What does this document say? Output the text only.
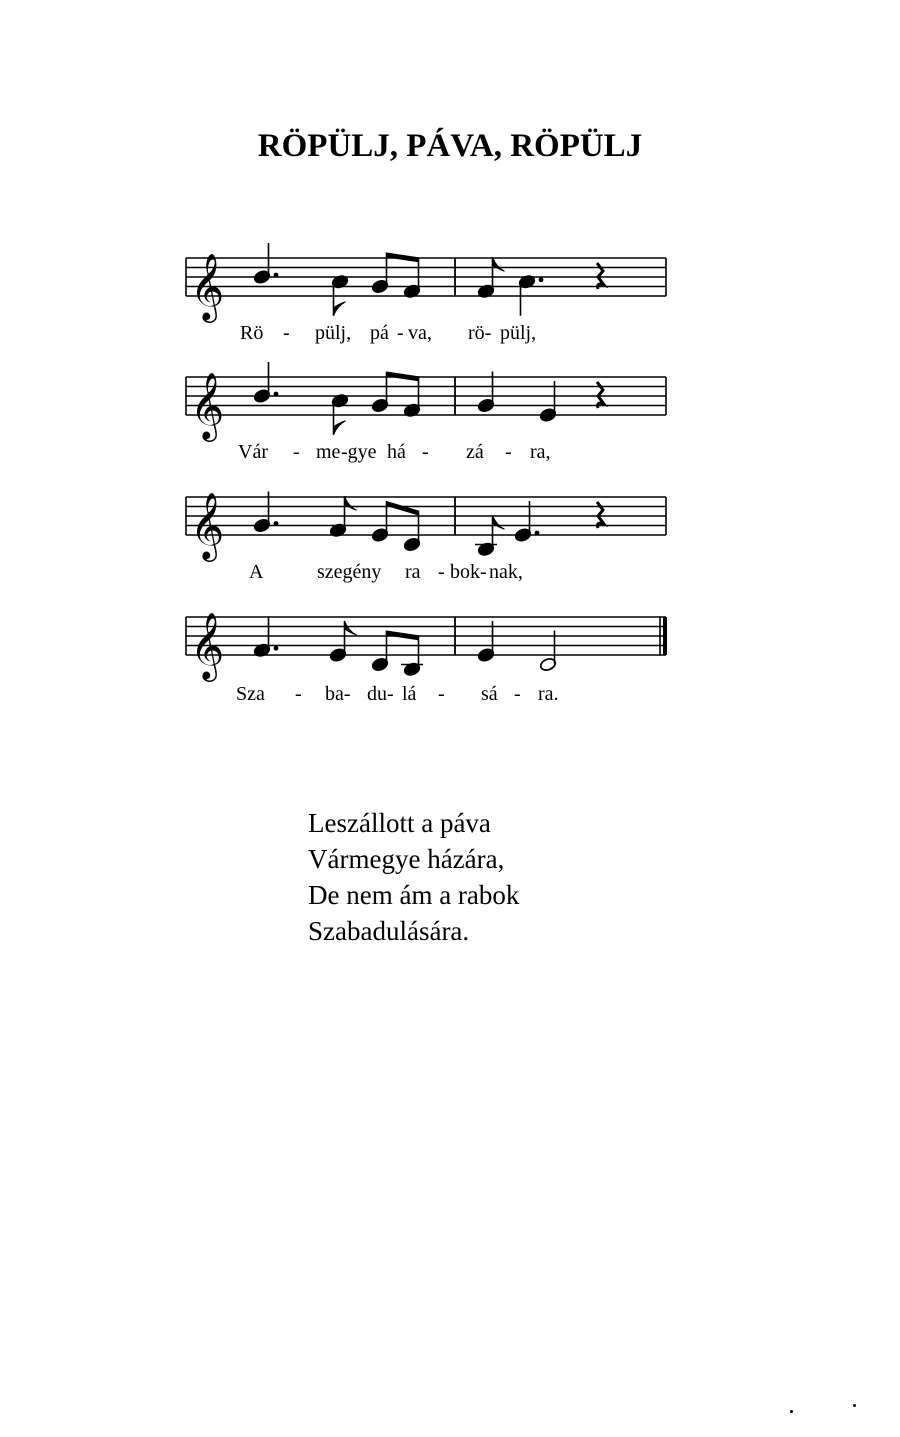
RÖPÜLJ, PÁVA, RÖPÜLJ
𝄞
𝄞
𝄞
𝄞
Rö - pülj, pá - va, rö- pülj,
Vár - me -gye há - zá - ra,
A	szegény ra - bok- nak,
Sza - ba- du- lá - sá - ra.
Leszállott a páva
Vármegye házára,
De nem ám a rabok
Szabadulására.
